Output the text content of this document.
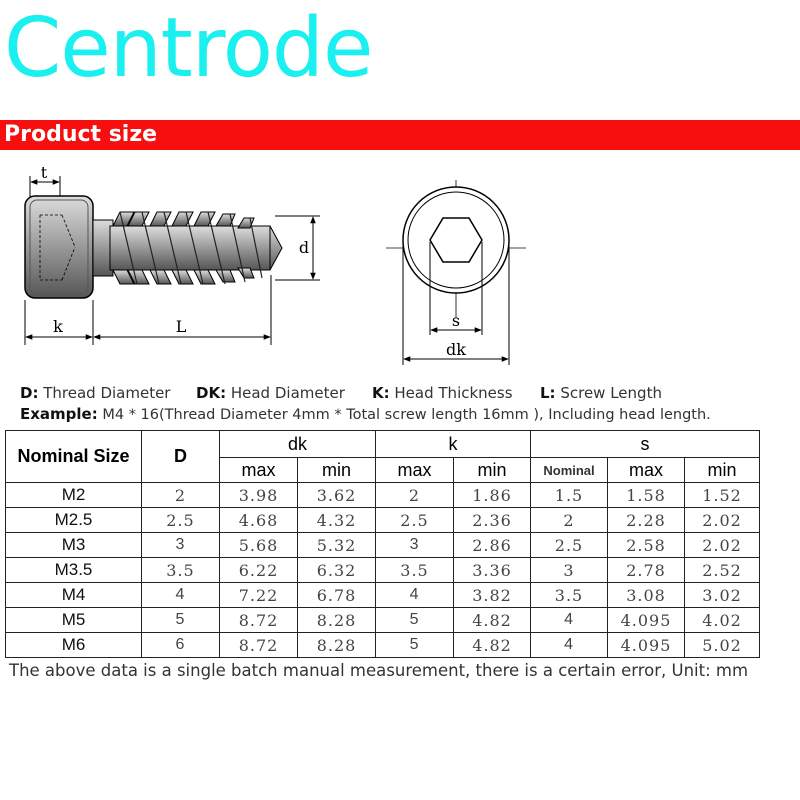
Centrode
Product size
t
d
k	L	s
dk
D: Thread Diameter DK: Head Diameter K: Head Thickness L: Screw Length
Example: M4 * 16(Thread Diameter 4mm * Total screw length 16mm ), Including head length.
Nominal Size	D	dk		k		s		
		max	min	max	min	Nominal	max	min
M2	2	3.98	3.62	2	1.86	1.5	1.58	1.52
M2.5	2.5	4.68	4.32	2.5	2.36	2	2.28	2.02
M3	3	5.68	5.32	3	2.86	2.5	2.58	2.02
M3.5	3.5	6.22	6.32	3.5	3.36	3	2.78	2.52
M4	4	7.22	6.78	4	3.82	3.5	3.08	3.02
M5	5	8.72	8.28	5	4.82	4	4.095	4.02
M6	6	8.72	8.28	5	4.82	4	4.095	5.02
The above data is a single batch manual measurement, there is a certain error, Unit: mm
